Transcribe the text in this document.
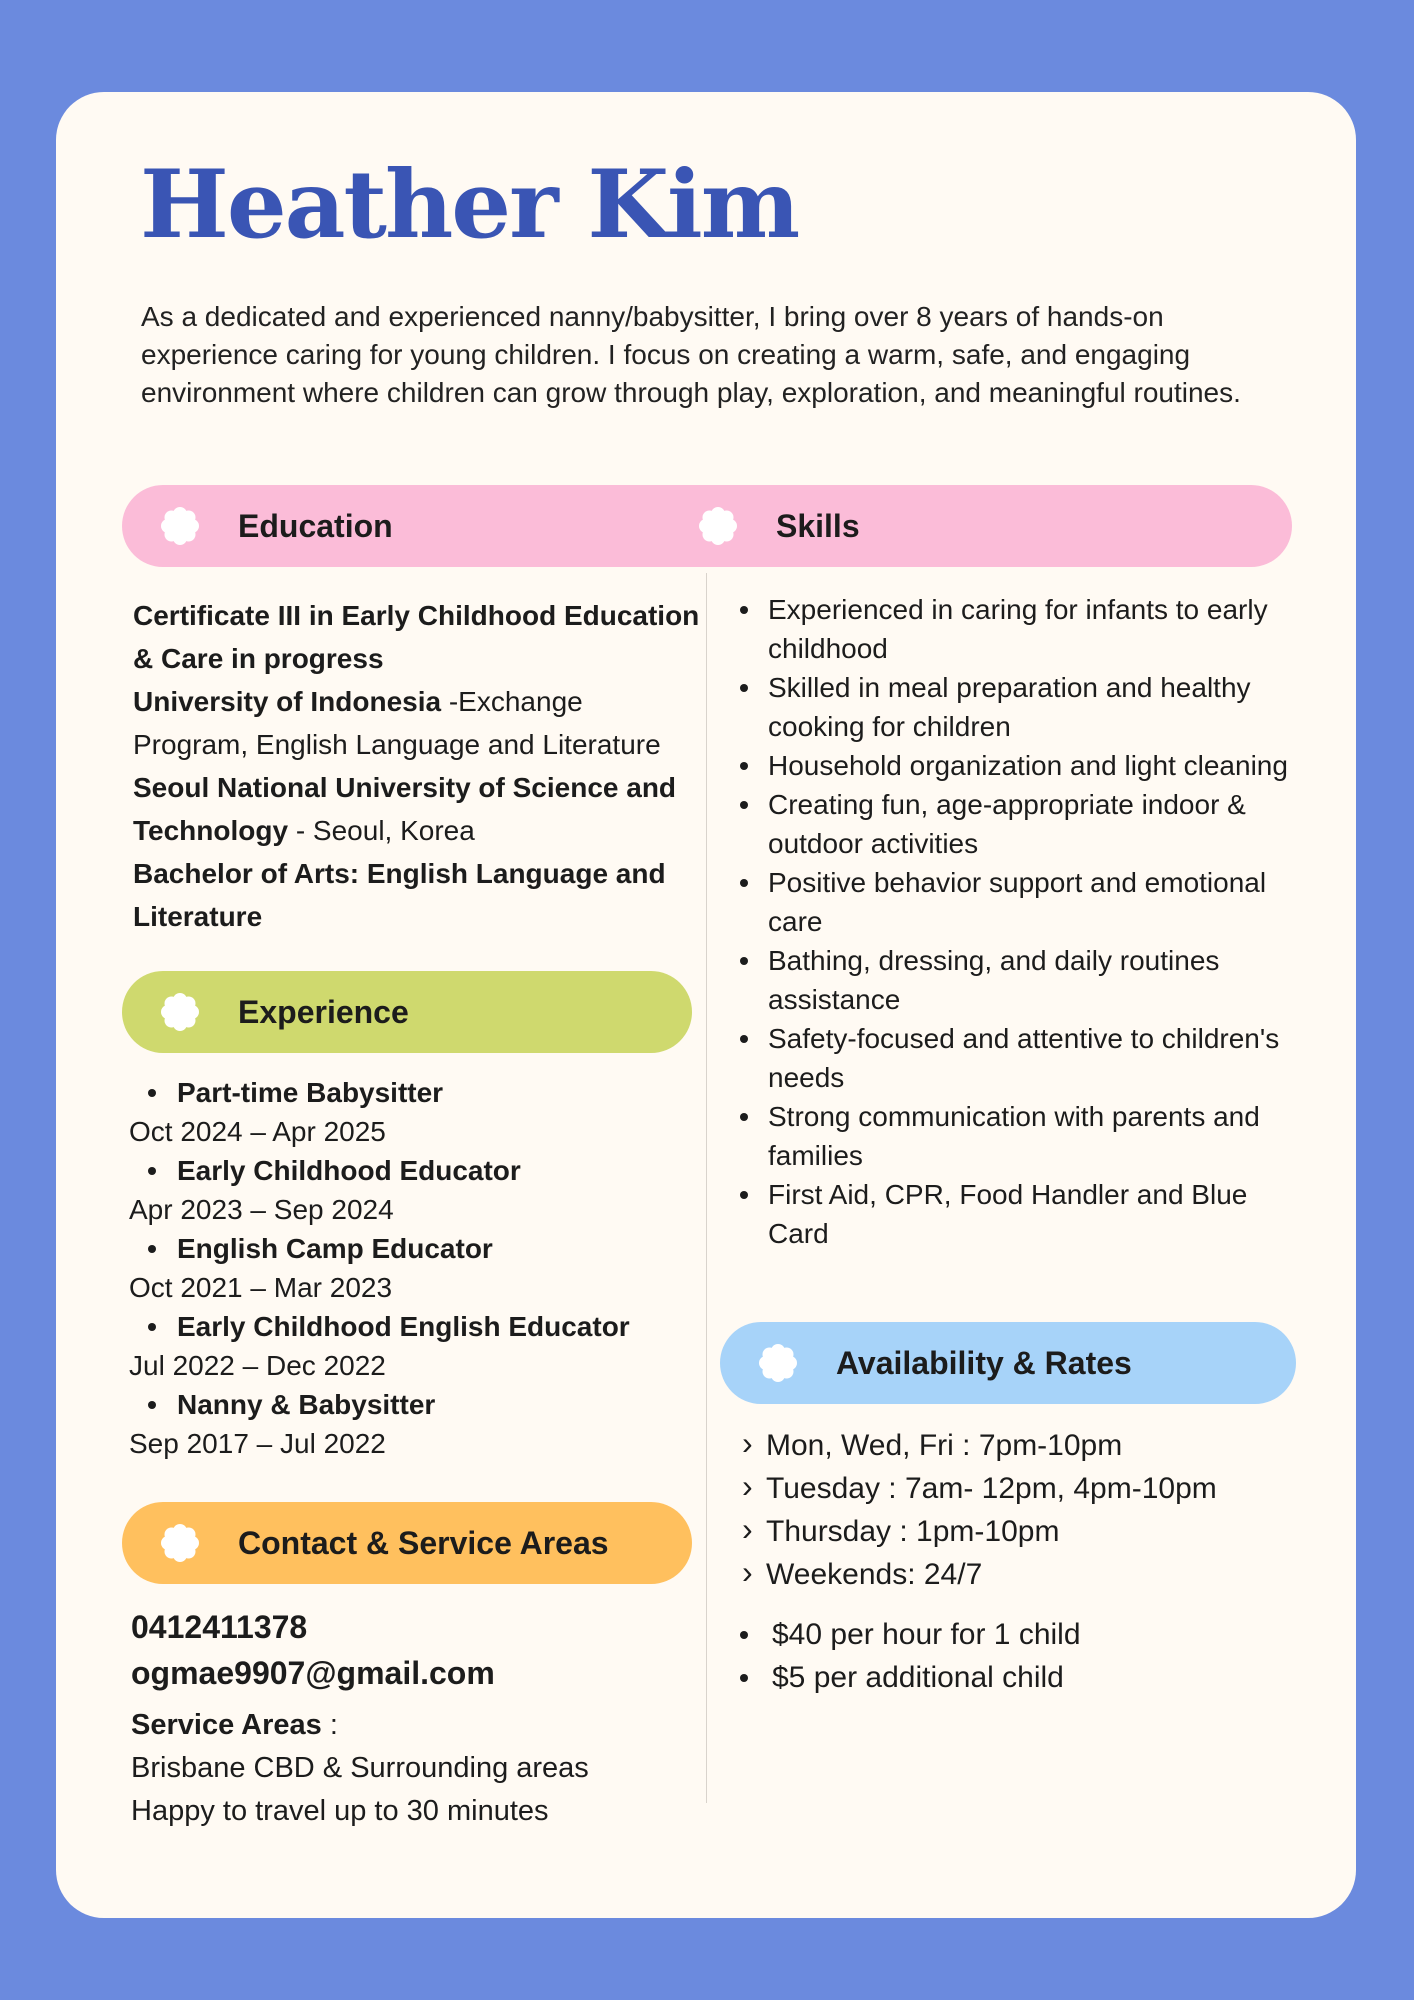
Heather Kim

As a dedicated and experienced nanny/babysitter, I bring over 8 years of hands-on experience caring for young children. I focus on creating a warm, safe, and engaging environment where children can grow through play, exploration, and meaningful routines.

Education	Skills

Certificate III in Early Childhood Education & Care in progress

University of Indonesia -Exchange Program, English Language and Literature

Seoul National University of Science and Technology - Seoul, Korea

Bachelor of Arts: English Language and Literature

Experienced in caring for infants to early childhood
Skilled in meal preparation and healthy cooking for children
Household organization and light cleaning
Creating fun, age-appropriate indoor & outdoor activities
Positive behavior support and emotional care
Bathing, dressing, and daily routines assistance
Safety-focused and attentive to children's needs
Strong communication with parents and families
First Aid, CPR, Food Handler and Blue Card
Experience
Part-time Babysitter
Oct 2024 – Apr 2025
Early Childhood Educator
Apr 2023 – Sep 2024
English Camp Educator
Oct 2021 – Mar 2023
Early Childhood English Educator
Jul 2022 – Dec 2022
Nanny & Babysitter
Sep 2017 – Jul 2022
Contact & Service Areas
0412411378
ogmae9907@gmail.com
Service Areas :
Brisbane CBD & Surrounding areas
Happy to travel up to 30 minutes
Availability & Rates
› Mon, Wed, Fri : 7pm-10pm
› Tuesday : 7am- 12pm, 4pm-10pm
› Thursday : 1pm-10pm
› Weekends: 24/7
$40 per hour for 1 child
$5 per additional child
